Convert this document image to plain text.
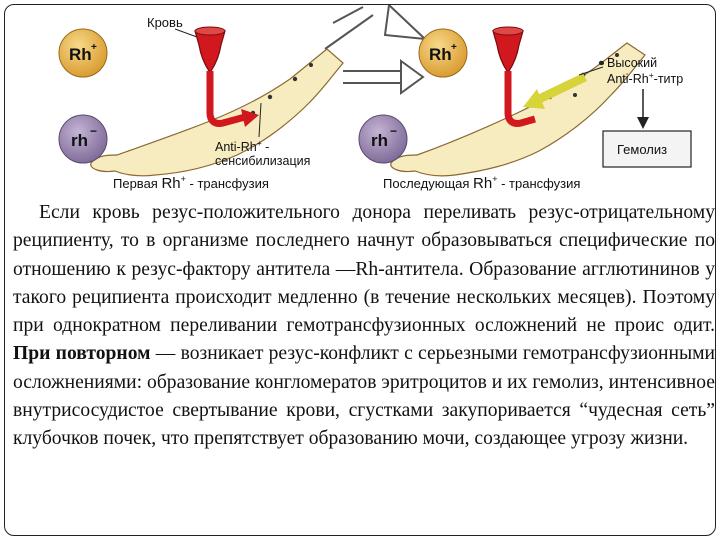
Rh +
rh −
Кровь
Anti-Rh+ -
сенсибилизация
Первая Rh+ - трансфузия
Rh +
rh −
Высокий
Anti-Rh+-титр
Гемолиз
Последующая Rh+ - трансфузия

Если кровь резус-положительного донора переливать резус-отрицательному реципиенту, то в организме последнего начнут образовываться специфические по отношению к резус-фактору антитела —Rh-антитела. Образование агглютининов у такого реципиента происходит медленно (в течение нескольких месяцев). Поэтому при однократном переливании гемотрансфузионных осложнений не проис одит. При повторном — возникает резус-конфликт с серьезными гемотрансфузионными осложнениями: образование конгломератов эритроцитов и их гемолиз, интенсивное внутрисосудистое свертывание крови, сгустками закупоривается “чудесная сеть” клубочков почек, что препятствует образованию мочи, создающее угрозу жизни.
